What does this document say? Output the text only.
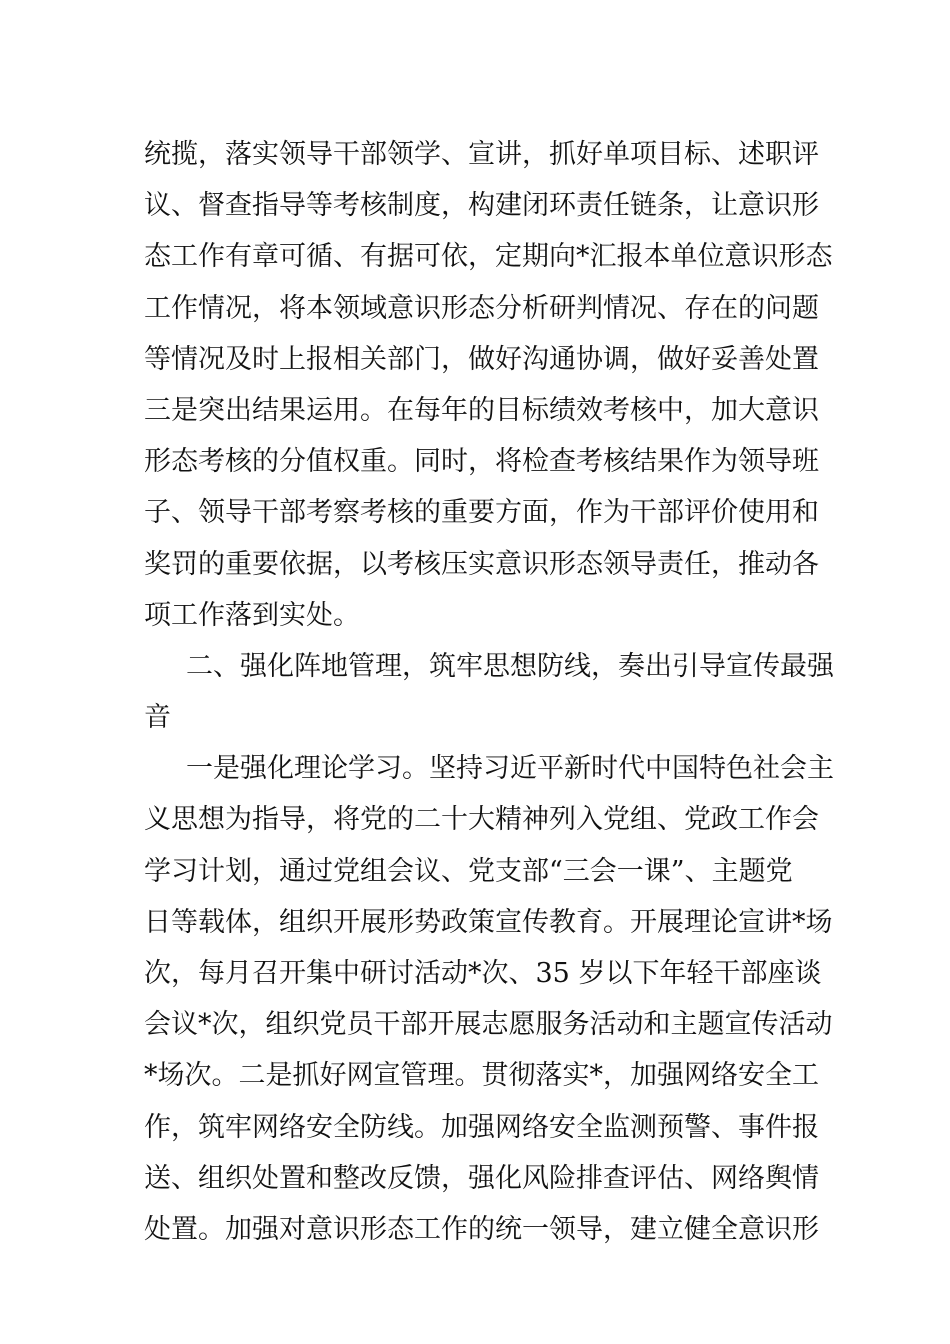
统揽，落实领导干部领学、宣讲，抓好单项目标、述职评

议、督查指导等考核制度，构建闭环责任链条，让意识形

态工作有章可循、有据可依，定期向*汇报本单位意识形态

工作情况，将本领域意识形态分析研判情况、存在的问题

等情况及时上报相关部门，做好沟通协调，做好妥善处置

三是突出结果运用。在每年的目标绩效考核中，加大意识

形态考核的分值权重。同时，将检查考核结果作为领导班

子、领导干部考察考核的重要方面，作为干部评价使用和

奖罚的重要依据，以考核压实意识形态领导责任，推动各

项工作落到实处。

二、强化阵地管理，筑牢思想防线，奏出引导宣传最强

音

一是强化理论学习。坚持习近平新时代中国特色社会主

义思想为指导，将党的二十大精神列入党组、党政工作会

学习计划，通过党组会议、党支部“三会一课”、主题党

日等载体，组织开展形势政策宣传教育。开展理论宣讲*场

次，每月召开集中研讨活动*次、35 岁以下年轻干部座谈

会议*次，组织党员干部开展志愿服务活动和主题宣传活动

*场次。二是抓好网宣管理。贯彻落实*，加强网络安全工

作，筑牢网络安全防线。加强网络安全监测预警、事件报

送、组织处置和整改反馈，强化风险排查评估、网络舆情

处置。加强对意识形态工作的统一领导，建立健全意识形
